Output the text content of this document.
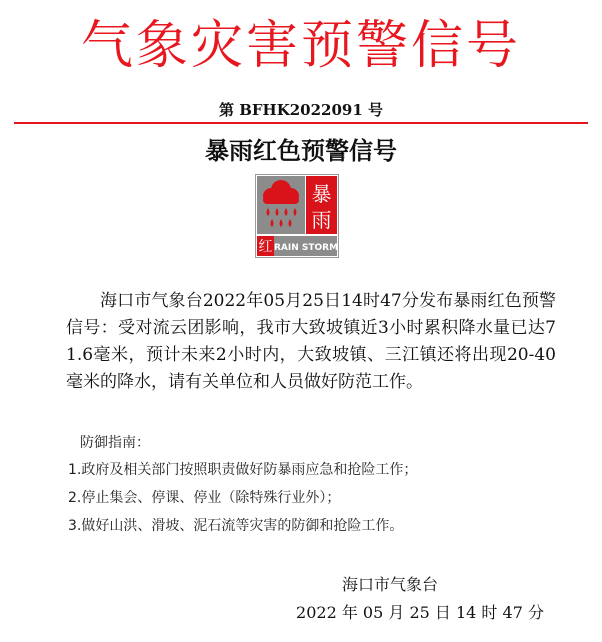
气象灾害预警信号
第 BFHK2022091 号
暴雨红色预警信号
暴
雨
红 RAIN STORM
海口市气象台2022年05月25日14时47分发布暴雨红色预警信号：受对流云团影响，我市大致坡镇近3小时累积降水量已达71.6毫米，预计未来2小时内，大致坡镇、三江镇还将出现20-40毫米的降水，请有关单位和人员做好防范工作。
防御指南：
1.政府及相关部门按照职责做好防暴雨应急和抢险工作；
2.停止集会、停课、停业（除特殊行业外）；
3.做好山洪、滑坡、泥石流等灾害的防御和抢险工作。
海口市气象台
2022 年 05 月 25 日 14 时 47 分
